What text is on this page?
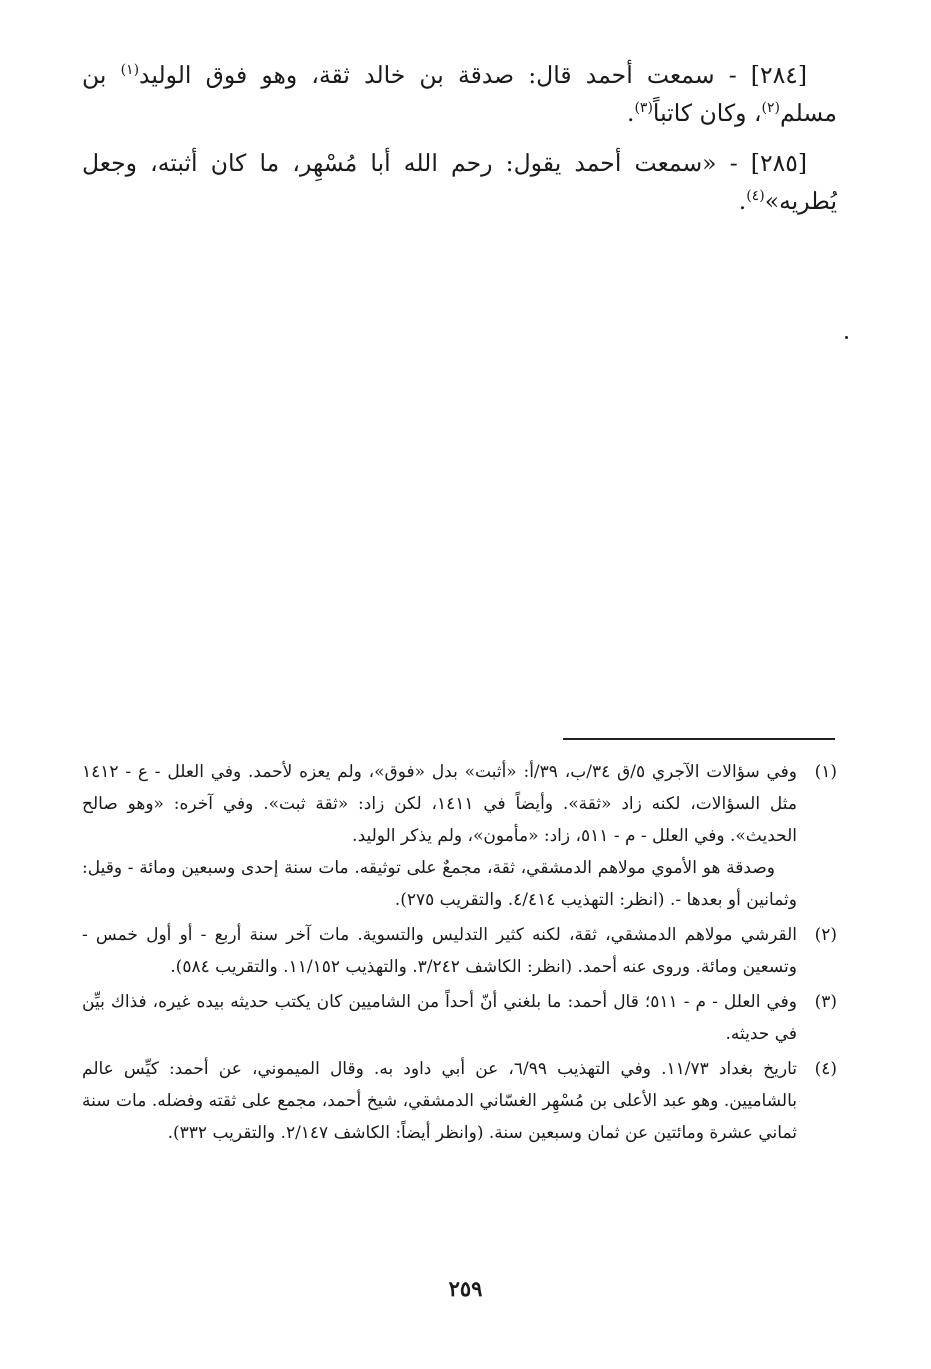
[٢٨٤] - سمعت أحمد قال: صدقة بن خالد ثقة، وهو فوق الوليد$^{(١)}$ بن مسلم$^{(٢)}$، وكان كاتباً$^{(٣)}$.

[٢٨٥] - «سمعت أحمد يقول: رحم الله أبا مُسْهِر، ما كان أثبته، وجعل يُطريه»$^{(٤)}$.

(١)

وفي سؤالات الآجري ٥/ق ٣٤/ب، ٣٩/أ: «أثبت» بدل «فوق»، ولم يعزه لأحمد. وفي العلل - ع - ١٤١٢ مثل السؤالات، لكنه زاد «ثقة». وأيضاً في ١٤١١، لكن زاد: «ثقة ثبت». وفي آخره: «وهو صالح الحديث». وفي العلل - م - ٥١١، زاد: «مأمون»، ولم يذكر الوليد.

وصدقة هو الأموي مولاهم الدمشقي، ثقة، مجمعٌ على توثيقه. مات سنة إحدى وسبعين ومائة - وقيل: وثمانين أو بعدها -. (انظر: التهذيب ٤/٤١٤. والتقريب ٢٧٥).

(٢)

القرشي مولاهم الدمشقي، ثقة، لكنه كثير التدليس والتسوية. مات آخر سنة أربع - أو أول خمس - وتسعين ومائة. وروى عنه أحمد. (انظر: الكاشف ٣/٢٤٢. والتهذيب ١١/١٥٢. والتقريب ٥٨٤).

(٣)

وفي العلل - م - ٥١١؛ قال أحمد: ما بلغني أنّ أحداً من الشاميين كان يكتب حديثه بيده غيره، فذاك بيِّن في حديثه.

(٤)

تاريخ بغداد ١١/٧٣. وفي التهذيب ٦/٩٩، عن أبي داود به. وقال الميموني، عن أحمد: كيِّس عالم بالشاميين. وهو عبد الأعلى بن مُسْهِر الغسّاني الدمشقي، شيخ أحمد، مجمع على ثقته وفضله. مات سنة ثماني عشرة ومائتين عن ثمان وسبعين سنة. (وانظر أيضاً: الكاشف ٢/١٤٧. والتقريب ٣٣٢).

٢٥٩
